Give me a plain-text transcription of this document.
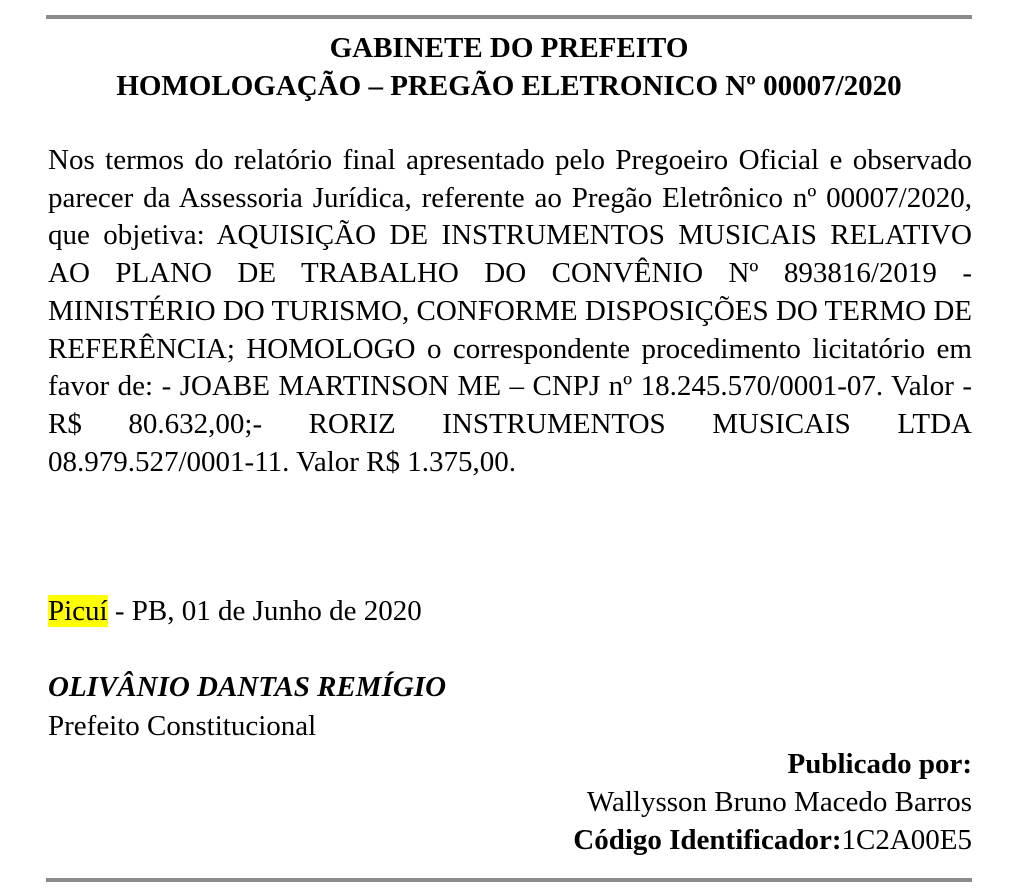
GABINETE DO PREFEITO
HOMOLOGAÇÃO – PREGÃO ELETRONICO Nº 00007/2020

Nos termos do relatório final apresentado pelo Pregoeiro Oficial e observado parecer da Assessoria Jurídica, referente ao Pregão Eletrônico nº 00007/2020, que objetiva: AQUISIÇÃO DE INSTRUMENTOS MUSICAIS RELATIVO AO PLANO DE TRABALHO DO CONVÊNIO Nº 893816/2019 - MINISTÉRIO DO TURISMO, CONFORME DISPOSIÇÕES DO TERMO DE REFERÊNCIA; HOMOLOGO o correspondente procedimento licitatório em favor de: - JOABE MARTINSON ME – CNPJ nº 18.245.570/0001-07. Valor - R$ 80.632,00;- RORIZ INSTRUMENTOS MUSICAIS LTDA 08.979.527/0001-11. Valor R$ 1.375,00.

Picuí - PB, 01 de Junho de 2020
OLIVÂNIO DANTAS REMÍGIO
Prefeito Constitucional
Publicado por:
Wallysson Bruno Macedo Barros
Código Identificador:1C2A00E5
